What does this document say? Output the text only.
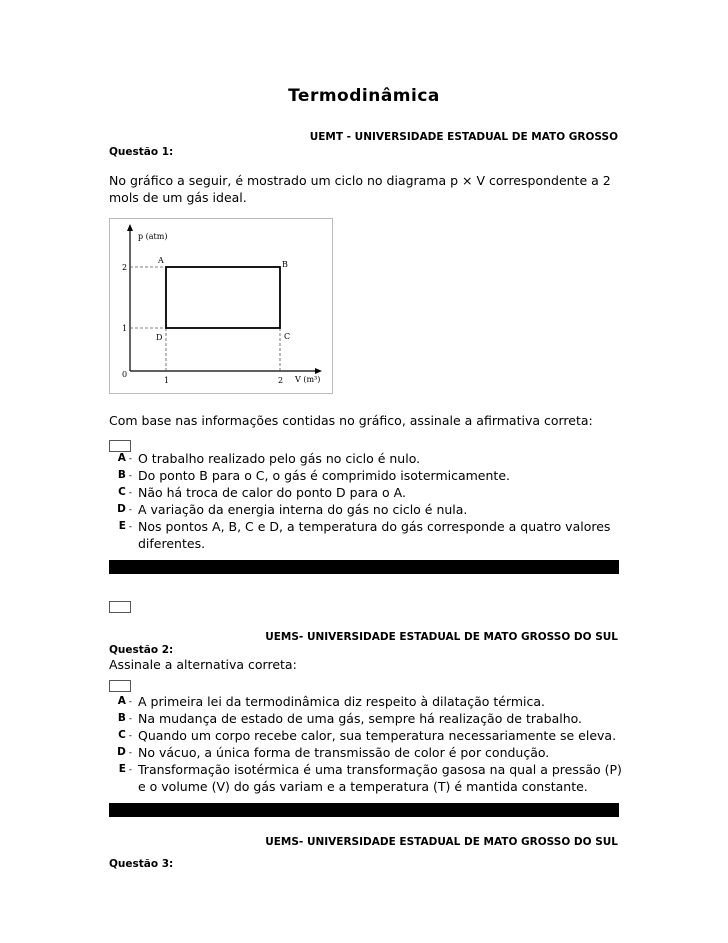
Termodinâmica
UEMT - UNIVERSIDADE ESTADUAL DE MATO GROSSO
Questão 1:
No gráfico a seguir, é mostrado um ciclo no diagrama p × V correspondente a 2
mols de um gás ideal.
p (atm)
V (m³)
0
1	2
1
2
A	B
C
D
Com base nas informações contidas no gráfico, assinale a afirmativa correta:
A - O trabalho realizado pelo gás no ciclo é nulo.
B - Do ponto B para o C, o gás é comprimido isotermicamente.
C - Não há troca de calor do ponto D para o A.
D - A variação da energia interna do gás no ciclo é nula.
E - Nos pontos A, B, C e D, a temperatura do gás corresponde a quatro valores diferentes.
UEMS- UNIVERSIDADE ESTADUAL DE MATO GROSSO DO SUL
Questão 2:
Assinale a alternativa correta:
A - A primeira lei da termodinâmica diz respeito à dilatação térmica.
B - Na mudança de estado de uma gás, sempre há realização de trabalho.
C - Quando um corpo recebe calor, sua temperatura necessariamente se eleva.
D - No vácuo, a única forma de transmissão de color é por condução.
E - Transformação isotérmica é uma transformação gasosa na qual a pressão (P) e o volume (V) do gás variam e a temperatura (T) é mantida constante.
UEMS- UNIVERSIDADE ESTADUAL DE MATO GROSSO DO SUL
Questão 3:
